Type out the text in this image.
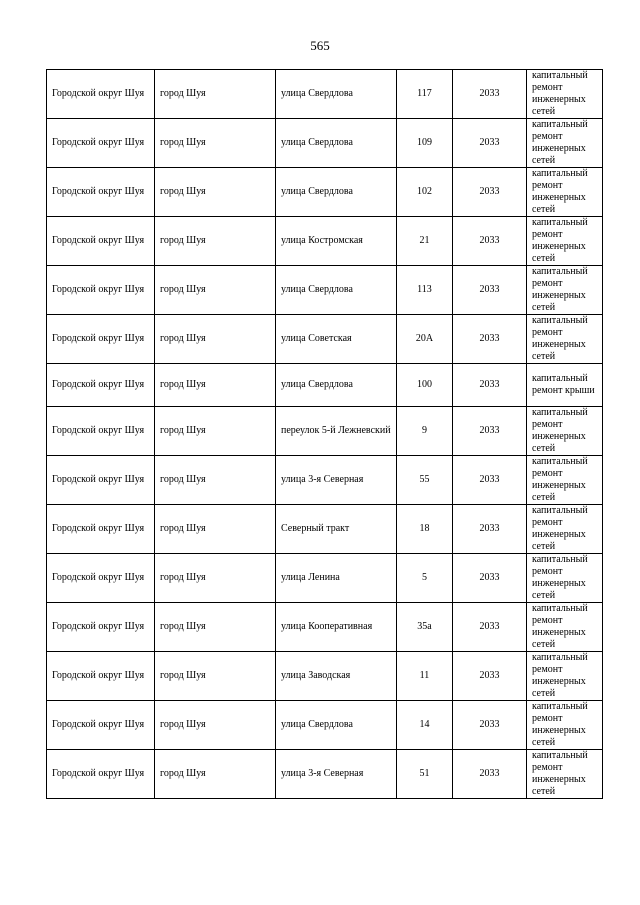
565
Городской округ Шуя	город Шуя	улица Свердлова	117	2033	капитальный ремонт инженерных сетей
Городской округ Шуя	город Шуя	улица Свердлова	109	2033	капитальный ремонт инженерных сетей
Городской округ Шуя	город Шуя	улица Свердлова	102	2033	капитальный ремонт инженерных сетей
Городской округ Шуя	город Шуя	улица Костромская	21	2033	капитальный ремонт инженерных сетей
Городской округ Шуя	город Шуя	улица Свердлова	113	2033	капитальный ремонт инженерных сетей
Городской округ Шуя	город Шуя	улица Советская	20А	2033	капитальный ремонт инженерных сетей
Городской округ Шуя	город Шуя	улица Свердлова	100	2033	капитальный ремонт крыши
Городской округ Шуя	город Шуя	переулок 5-й Лежневский	9	2033	капитальный ремонт инженерных сетей
Городской округ Шуя	город Шуя	улица 3-я Северная	55	2033	капитальный ремонт инженерных сетей
Городской округ Шуя	город Шуя	Северный тракт	18	2033	капитальный ремонт инженерных сетей
Городской округ Шуя	город Шуя	улица Ленина	5	2033	капитальный ремонт инженерных сетей
Городской округ Шуя	город Шуя	улица Кооперативная	35а	2033	капитальный ремонт инженерных сетей
Городской округ Шуя	город Шуя	улица Заводская	11	2033	капитальный ремонт инженерных сетей
Городской округ Шуя	город Шуя	улица Свердлова	14	2033	капитальный ремонт инженерных сетей
Городской округ Шуя	город Шуя	улица 3-я Северная	51	2033	капитальный ремонт инженерных сетей
